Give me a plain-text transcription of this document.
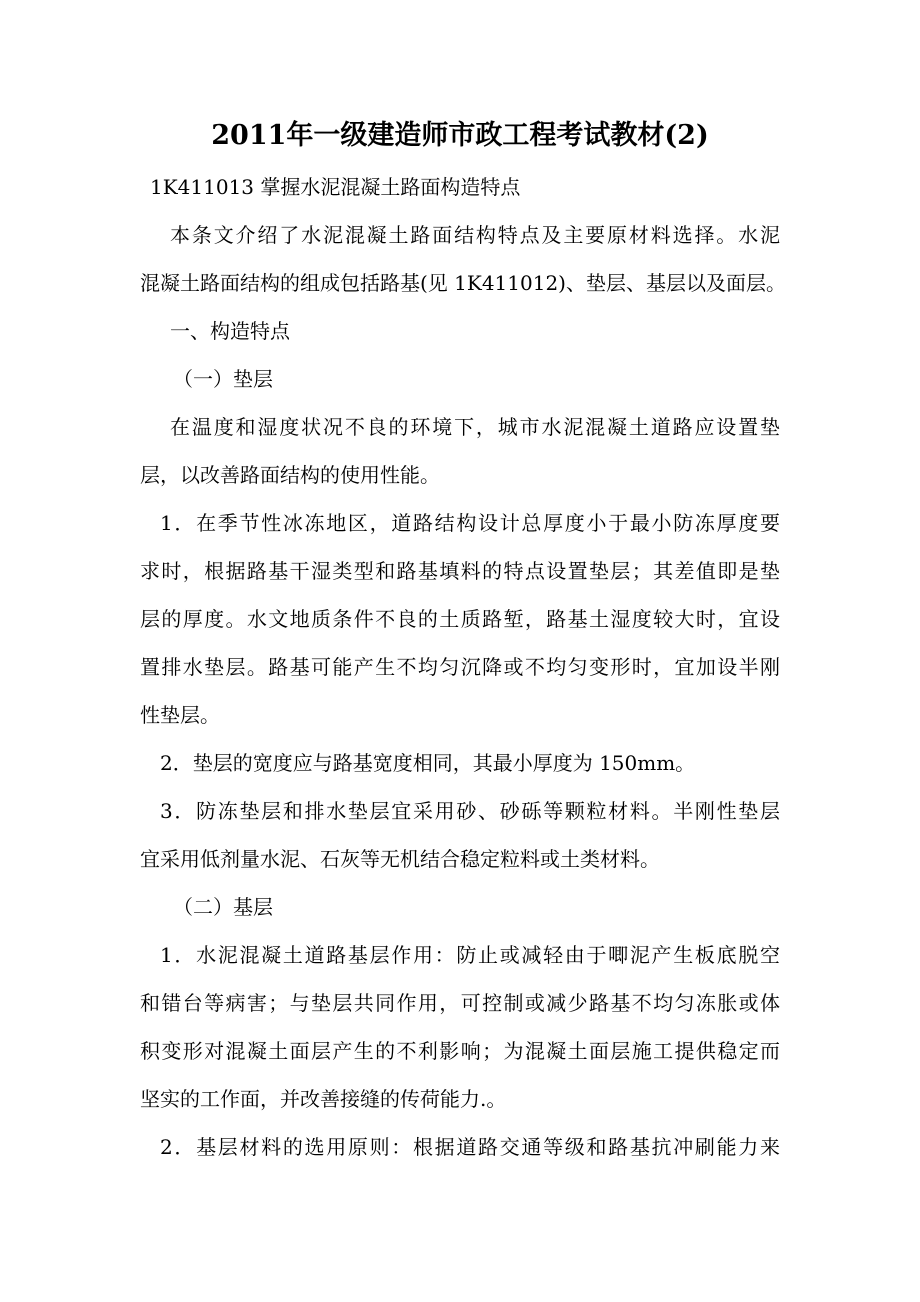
2011年一级建造师市政工程考试教材(2)
1K411013 掌握水泥混凝土路面构造特点
本条文介绍了水泥混凝土路面结构特点及主要原材料选择。水泥
混凝土路面结构的组成包括路基(见 1K411012)、垫层、基层以及面层。
一、构造特点
（一）垫层
在温度和湿度状况不良的环境下，城市水泥混凝土道路应设置垫
层，以改善路面结构的使用性能。
1．在季节性冰冻地区，道路结构设计总厚度小于最小防冻厚度要
求时，根据路基干湿类型和路基填料的特点设置垫层；其差值即是垫
层的厚度。水文地质条件不良的土质路堑，路基土湿度较大时，宜设
置排水垫层。路基可能产生不均匀沉降或不均匀变形时，宜加设半刚
性垫层。
2．垫层的宽度应与路基宽度相同，其最小厚度为 150mm。
3．防冻垫层和排水垫层宜采用砂、砂砾等颗粒材料。半刚性垫层
宜采用低剂量水泥、石灰等无机结合稳定粒料或土类材料。
（二）基层
1．水泥混凝土道路基层作用：防止或减轻由于唧泥产生板底脱空
和错台等病害；与垫层共同作用，可控制或减少路基不均匀冻胀或体
积变形对混凝土面层产生的不利影响；为混凝土面层施工提供稳定而
坚实的工作面，并改善接缝的传荷能力.。
2．基层材料的选用原则：根据道路交通等级和路基抗冲刷能力来
